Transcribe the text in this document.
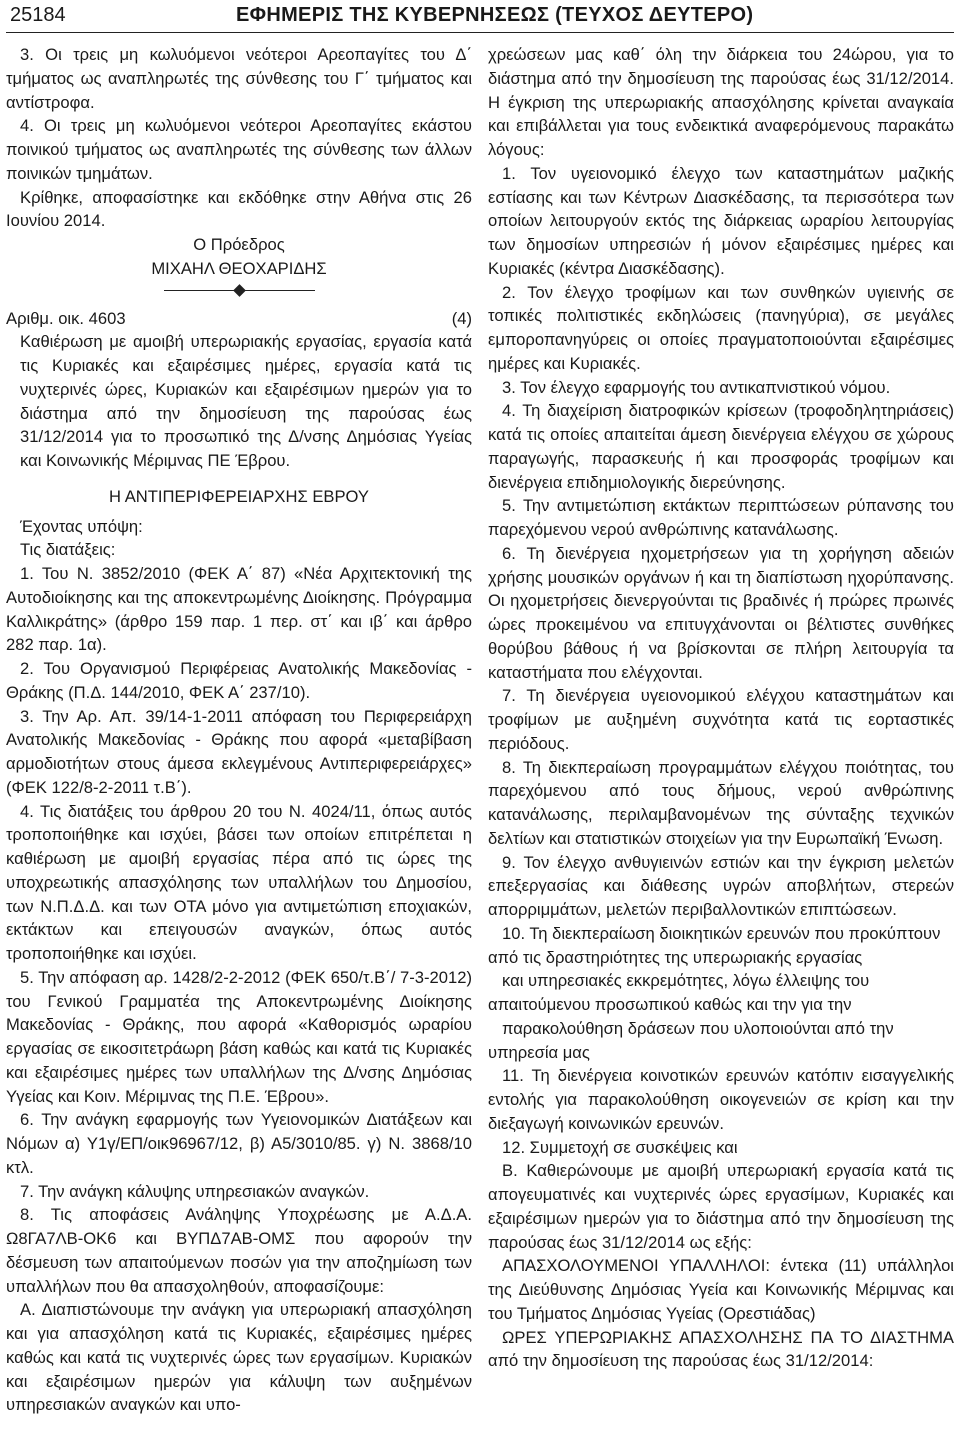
25184	ΕΦΗΜΕΡΙΣ ΤΗΣ ΚΥΒΕΡΝΗΣΕΩΣ (ΤΕΥΧΟΣ ΔΕΥΤΕΡΟ)

3. Οι τρεις μη κωλυόμενοι νεότεροι Αρεοπαγίτες του Δ΄ τμήματος ως αναπληρωτές της σύνθεσης του Γ΄ τμήματος και αντίστροφα.

4. Οι τρεις μη κωλυόμενοι νεότεροι Αρεοπαγίτες εκάστου ποινικού τμήματος ως αναπληρωτές της σύνθεσης των άλλων ποινικών τμημάτων.

Κρίθηκε, αποφασίστηκε και εκδόθηκε στην Αθήνα στις 26 Ιουνίου 2014.

Ο Πρόεδρος

ΜΙΧΑΗΛ ΘΕΟΧΑΡΙΔΗΣ

Αριθμ. οικ. 4603	(4)

Καθιέρωση με αμοιβή υπερωριακής εργασίας, εργασία κατά τις Κυριακές και εξαιρέσιμες ημέρες, εργασία κατά τις νυχτερινές ώρες, Κυριακών και εξαιρέσιμων ημερών για το διάστημα από την δημοσίευση της παρούσας έως 31/12/2014 για το προσωπικό της Δ/νσης Δημόσιας Υγείας και Κοινωνικής Μέριμνας ΠΕ Έβρου.

Η ΑΝΤΙΠΕΡΙΦΕΡΕΙΑΡΧΗΣ ΕΒΡΟΥ

Έχοντας υπόψη:

Τις διατάξεις:

1. Του Ν. 3852/2010 (ΦΕΚ Α΄ 87) «Νέα Αρχιτεκτονική της Αυτοδιοίκησης και της αποκεντρωμένης Διοίκησης. Πρόγραμμα Καλλικράτης» (άρθρο 159 παρ. 1 περ. στ΄ και ιβ΄ και άρθρο 282 παρ. 1α).

2. Του Οργανισμού Περιφέρειας Ανατολικής Μακεδονίας - Θράκης (Π.Δ. 144/2010, ΦΕΚ Α΄ 237/10).

3. Την Αρ. Απ. 39/14-1-2011 απόφαση του Περιφερειάρχη Ανατολικής Μακεδονίας - Θράκης που αφορά «μεταβίβαση αρμοδιοτήτων στους άμεσα εκλεγμένους Αντιπεριφερειάρχες» (ΦΕΚ 122/8-2-2011 τ.Β΄).

4. Τις διατάξεις του άρθρου 20 του Ν. 4024/11, όπως αυτός τροποποιήθηκε και ισχύει, βάσει των οποίων επιτρέπεται η καθιέρωση με αμοιβή εργασίας πέρα από τις ώρες της υποχρεωτικής απασχόλησης των υπαλλήλων του Δημοσίου, των Ν.Π.Δ.Δ. και των ΟΤΑ μόνο για αντιμετώπιση εποχιακών, εκτάκτων και επειγουσών αναγκών, όπως αυτός τροποποιήθηκε και ισχύει.

5. Την απόφαση αρ. 1428/2-2-2012 (ΦΕΚ 650/τ.Β΄/ 7-3-2012) του Γενικού Γραμματέα της Αποκεντρωμένης Διοίκησης Μακεδονίας - Θράκης, που αφορά «Καθορισμός ωραρίου εργασίας σε εικοσιτετράωρη βάση καθώς και κατά τις Κυριακές και εξαιρέσιμες ημέρες των υπαλλήλων της Δ/νσης Δημόσιας Υγείας και Κοιν. Μέριμνας της Π.Ε. Έβρου».

6. Την ανάγκη εφαρμογής των Υγειονομικών Διατάξεων και Νόμων α) Υ1γ/ΕΠ/οικ96967/12, β) Α5/3010/85. γ) Ν. 3868/10 κτλ.

7. Την ανάγκη κάλυψης υπηρεσιακών αναγκών.

8. Τις αποφάσεις Ανάληψης Υποχρέωσης με Α.Δ.Α. Ω8ΓΑ7ΛΒ-ΟΚ6 και ΒΥΠΔ7ΑΒ-ΟΜΣ που αφορούν την δέσμευση των απαιτούμενων ποσών για την αποζημίωση των υπαλλήλων που θα απασχοληθούν, αποφασίζουμε:

Α. Διαπιστώνουμε την ανάγκη για υπερωριακή απασχόληση και για απασχόληση κατά τις Κυριακές, εξαιρέσιμες ημέρες καθώς και κατά τις νυχτερινές ώρες των εργασίμων. Κυριακών και εξαιρέσιμων ημερών για κάλυψη των αυξημένων υπηρεσιακών αναγκών και υπο-

χρεώσεων μας καθ΄ όλη την διάρκεια του 24ώρου, για το διάστημα από την δημοσίευση της παρούσας έως 31/12/2014. Η έγκριση της υπερωριακής απασχόλησης κρίνεται αναγκαία και επιβάλλεται για τους ενδεικτικά αναφερόμενους παρακάτω λόγους:

1. Τον υγειονομικό έλεγχο των καταστημάτων μαζικής εστίασης και των Κέντρων Διασκέδασης, τα περισσότερα των οποίων λειτουργούν εκτός της διάρκειας ωραρίου λειτουργίας των δημοσίων υπηρεσιών ή μόνον εξαιρέσιμες ημέρες και Κυριακές (κέντρα Διασκέδασης).

2. Τον έλεγχο τροφίμων και των συνθηκών υγιεινής σε τοπικές πολιτιστικές εκδηλώσεις (πανηγύρια), σε μεγάλες εμποροπανηγύρεις οι οποίες πραγματοποιούνται εξαιρέσιμες ημέρες και Κυριακές.

3. Τον έλεγχο εφαρμογής του αντικαπνιστικού νόμου.

4. Τη διαχείριση διατροφικών κρίσεων (τροφοδηλητηριάσεις) κατά τις οποίες απαιτείται άμεση διενέργεια ελέγχου σε χώρους παραγωγής, παρασκευής ή και προσφοράς τροφίμων και διενέργεια επιδημιολογικής διερεύνησης.

5. Την αντιμετώπιση εκτάκτων περιπτώσεων ρύπανσης του παρεχόμενου νερού ανθρώπινης κατανάλωσης.

6. Τη διενέργεια ηχομετρήσεων για τη χορήγηση αδειών χρήσης μουσικών οργάνων ή και τη διαπίστωση ηχορύπανσης. Οι ηχομετρήσεις διενεργούνται τις βραδινές ή πρώρες πρωινές ώρες προκειμένου να επιτυγχάνονται οι βέλτιστες συνθήκες θορύβου βάθους ή να βρίσκονται σε πλήρη λειτουργία τα καταστήματα που ελέγχονται.

7. Τη διενέργεια υγειονομικού ελέγχου καταστημάτων και τροφίμων με αυξημένη συχνότητα κατά τις εορταστικές περιόδους.

8. Τη διεκπεραίωση προγραμμάτων ελέγχου ποιότητας, του παρεχόμενου από τους δήμους, νερού ανθρώπινης κατανάλωσης, περιλαμβανομένων της σύνταξης τεχνικών δελτίων και στατιστικών στοιχείων για την Ευρωπαϊκή Ένωση.

9. Τον έλεγχο ανθυγιεινών εστιών και την έγκριση μελετών επεξεργασίας και διάθεσης υγρών αποβλήτων, στερεών απορριμμάτων, μελετών περιβαλλοντικών επιπτώσεων.

10. Τη διεκπεραίωση διοικητικών ερευνών που προκύπτουν από τις δραστηριότητες της υπερωριακής εργασίας

και υπηρεσιακές εκκρεμότητες, λόγω έλλειψης του απαιτούμενου προσωπικού καθώς και την για την

παρακολούθηση δράσεων που υλοποιούνται από την υπηρεσία μας

11. Τη διενέργεια κοινοτικών ερευνών κατόπιν εισαγγελικής εντολής για παρακολούθηση οικογενειών σε κρίση και την διεξαγωγή κοινωνικών ερευνών.

12. Συμμετοχή σε συσκέψεις και

Β. Καθιερώνουμε με αμοιβή υπερωριακή εργασία κατά τις απογευματινές και νυχτερινές ώρες εργασίμων, Κυριακές και εξαιρέσιμων ημερών για το διάστημα από την δημοσίευση της παρούσας έως 31/12/2014 ως εξής:

ΑΠΑΣΧΟΛΟΥΜΕΝΟΙ ΥΠΑΛΛΗΛΟΙ: έντεκα (11) υπάλληλοι της Διεύθυνσης Δημόσιας Υγεία και Κοινωνικής Μέριμνας και του Τμήματος Δημόσιας Υγείας (Ορεστιάδας)

ΩΡΕΣ ΥΠΕΡΩΡΙΑΚΗΣ ΑΠΑΣΧΟΛΗΣΗΣ ΠΑ ΤΟ ΔΙΑΣΤΗΜΑ από την δημοσίευση της παρούσας έως 31/12/2014:
